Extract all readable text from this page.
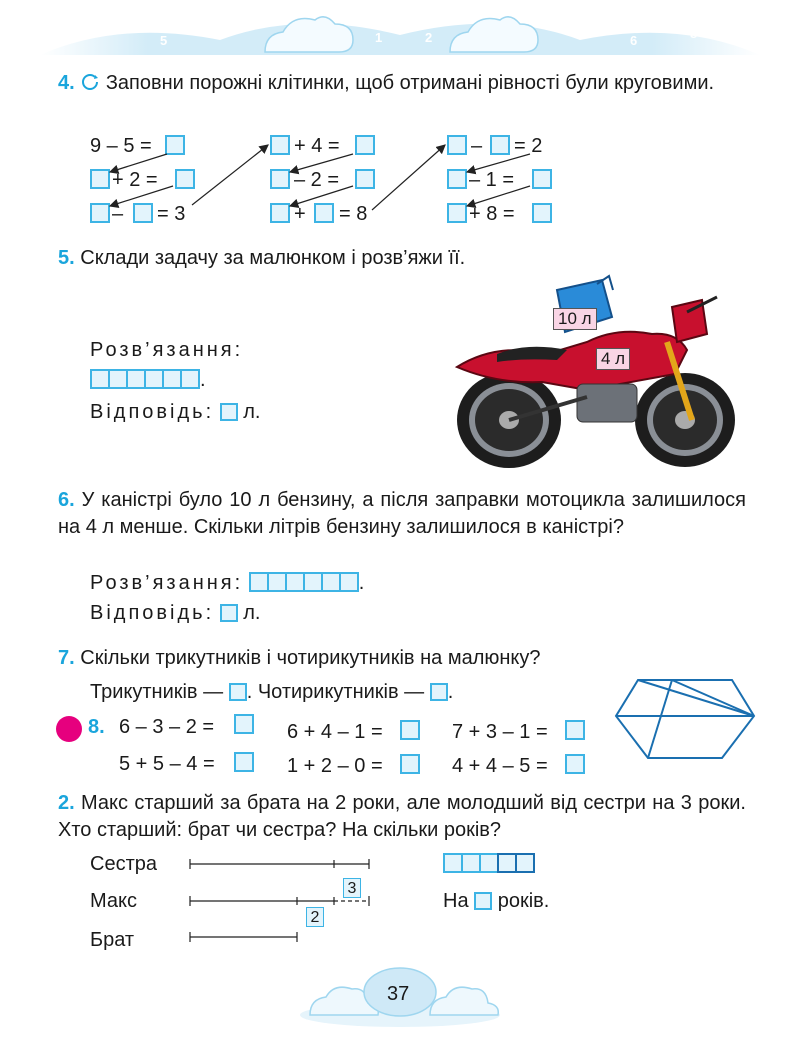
7
5
3	1
0
2	4
6	8
4. Заповни порожні клітинки, щоб отримані рівності були круговими.
9 – 5 =
+ 2 =
– = 3
+ 4 =
– 2 =
+ = 8
– = 2
– 1 =
+ 8 =
5. Склади задачу за малюнком і розв’яжи її.
Розв’язання:
.
Відповідь: л.
10 л
4 л
6. У каністрі було 10 л бензину, а після заправки мотоцикла залишилося на 4 л менше. Скільки літрів бензину залишилося в каністрі?
Розв’язання:	.
Відповідь: л.
7. Скільки трикутників і чотирикутників на малюнку?
Трикутників — . Чотирикутників — .
8. 6 – 3 – 2 =	6 + 4 – 1 =	7 + 3 – 1 =
5 + 5 – 4 =	1 + 2 – 0 =	4 + 4 – 5 =
2. Макс старший за брата на 2 роки, але молодший від сестри на 3 роки. Хто старший: брат чи сестра? На скільки років?
Сестра
Макс
Брат
3
2
На років.
37
